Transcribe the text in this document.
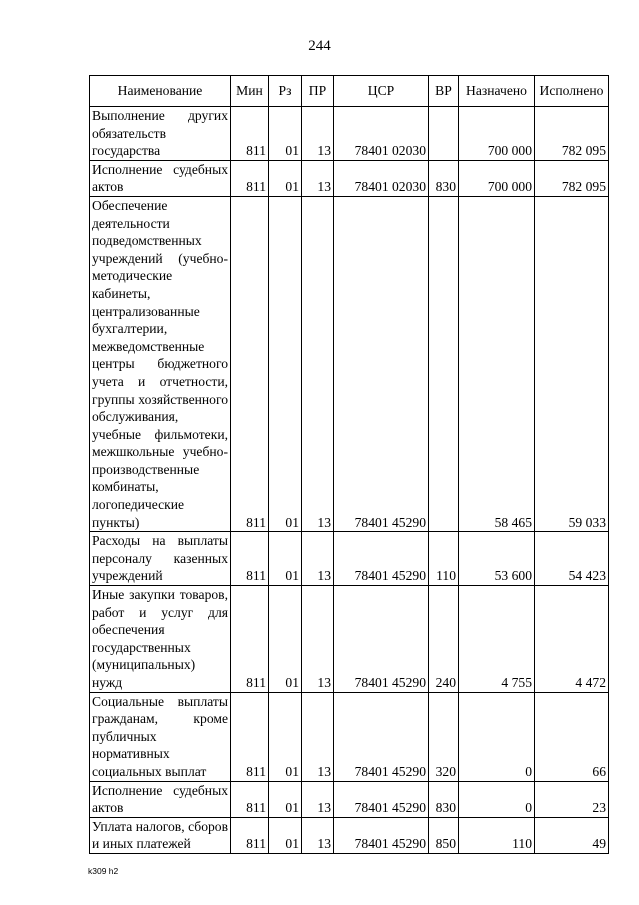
244
Наименование	Мин	Рз	ПР	ЦСР	ВР	Назначено	Исполнено
Выполнение других обязательств государства	811	01	13	78401 02030		700 000	782 095
Исполнение судебных актов	811	01	13	78401 02030	830	700 000	782 095
Обеспечение деятельности подведомственных учреждений (учебно-методические кабинеты, централизованные бухгалтерии, межведомственные центры бюджетного учета и отчетности, группы хозяйственного обслуживания, учебные фильмотеки, межшкольные учебно-производственные комбинаты, логопедические пункты)	811	01	13	78401 45290		58 465	59 033
Расходы на выплаты персоналу казенных учреждений	811	01	13	78401 45290	110	53 600	54 423
Иные закупки товаров, работ и услуг для обеспечения государственных (муниципальных) нужд	811	01	13	78401 45290	240	4 755	4 472
Социальные выплаты гражданам, кроме публичных нормативных социальных выплат	811	01	13	78401 45290	320	0	66
Исполнение судебных актов	811	01	13	78401 45290	830	0	23
Уплата налогов, сборов и иных платежей	811	01	13	78401 45290	850	110	49
k309 h2
